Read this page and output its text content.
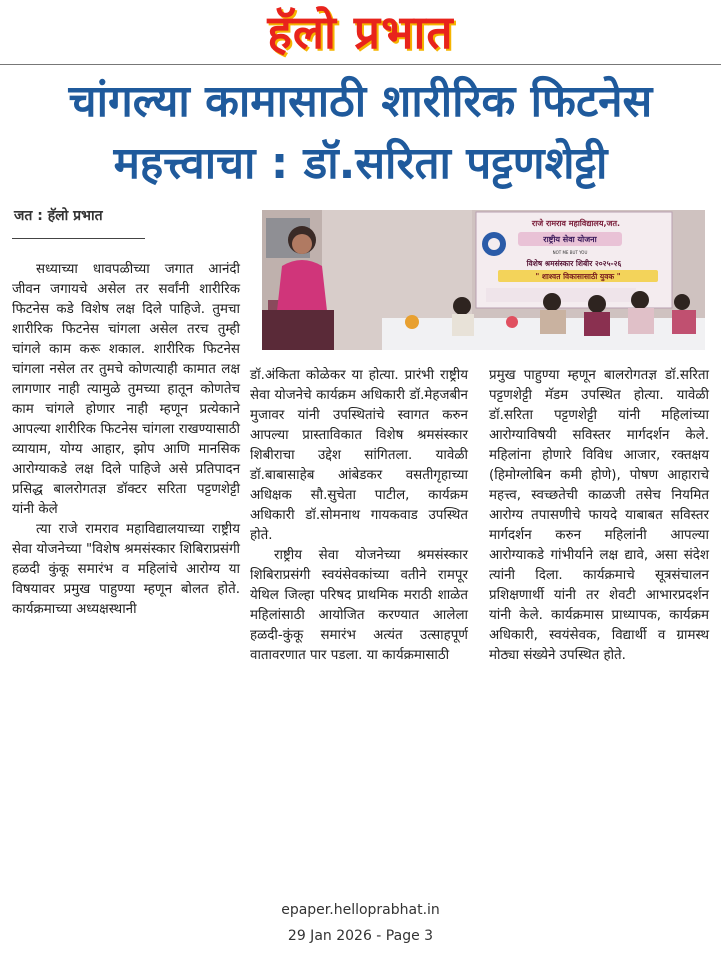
हॅलो प्रभात
चांगल्या कामासाठी शारीरिक फिटनेस
महत्त्वाचा : डॉ.सरिता पट्टणशेट्टी
जत : हॅलो प्रभात	राजे रामराव महाविद्यालय,जत.
राष्ट्रीय सेवा योजना
NOT ME BUT YOU
विशेष श्रमसंस्कार शिबीर २०२५-२६
" शाश्वत विकासासाठी युवक "

सध्याच्या धावपळीच्या जगात आनंदी जीवन जगायचे असेल तर सर्वांनी शारीरिक फिटनेस कडे विशेष लक्ष दिले पाहिजे. तुमचा शारीरिक फिटनेस चांगला असेल तरच तुम्ही चांगले काम करू शकाल. शारीरिक फिटनेस चांगला नसेल तर तुमचे कोणत्याही कामात लक्ष लागणार नाही त्यामुळे तुमच्या हातून कोणतेच काम चांगले होणार नाही म्हणून प्रत्येकाने आपल्या शारीरिक फिटनेस चांगला राखण्यासाठी व्यायाम, योग्य आहार, झोप आणि मानसिक आरोग्याकडे लक्ष दिले पाहिजे असे प्रतिपादन प्रसिद्ध बालरोगतज्ञ डॉक्टर सरिता पट्टणशेट्टी यांनी केले

त्या राजे रामराव महाविद्यालयाच्या राष्ट्रीय सेवा योजनेच्या "विशेष श्रमसंस्कार शिबिराप्रसंगी हळदी कुंकू समारंभ व महिलांचे आरोग्य या विषयावर प्रमुख पाहुण्या म्हणून बोलत होते. कार्यक्रमाच्या अध्यक्षस्थानी

डॉ.अंकिता कोळेकर या होत्या. प्रारंभी राष्ट्रीय सेवा योजनेचे कार्यक्रम अधिकारी डॉ.मेहजबीन मुजावर यांनी उपस्थितांचे स्वागत करुन आपल्या प्रास्ताविकात विशेष श्रमसंस्कार शिबीराचा उद्देश सांगितला. यावेळी डॉ.बाबासाहेब आंबेडकर वसतीगृहाच्या अधिक्षक सौ.सुचेता पाटील, कार्यक्रम अधिकारी डॉ.सोमनाथ गायकवाड उपस्थित होते.

राष्ट्रीय सेवा योजनेच्या श्रमसंस्कार शिबिराप्रसंगी स्वयंसेवकांच्या वतीने रामपूर येथिल जिल्हा परिषद प्राथमिक मराठी शाळेत महिलांसाठी आयोजित करण्यात आलेला हळदी-कुंकू समारंभ अत्यंत उत्साहपूर्ण वातावरणात पार पडला. या कार्यक्रमासाठी

प्रमुख पाहुण्या म्हणून बालरोगतज्ञ डॉ.सरिता पट्टणशेट्टी मॅडम उपस्थित होत्या. यावेळी डॉ.सरिता पट्टणशेट्टी यांनी महिलांच्या आरोग्याविषयी सविस्तर मार्गदर्शन केले. महिलांना होणारे विविध आजार, रक्तक्षय (हिमोग्लोबिन कमी होणे), पोषण आहाराचे महत्त्व, स्वच्छतेची काळजी तसेच नियमित आरोग्य तपासणीचे फायदे याबाबत सविस्तर मार्गदर्शन करुन महिलांनी आपल्या आरोग्याकडे गांभीर्याने लक्ष द्यावे, असा संदेश त्यांनी दिला. कार्यक्रमाचे सूत्रसंचालन प्रशिक्षणार्थी यांनी तर शेवटी आभारप्रदर्शन यांनी केले. कार्यक्रमास प्राध्यापक, कार्यक्रम अधिकारी, स्वयंसेवक, विद्यार्थी व ग्रामस्थ मोठ्या संख्येने उपस्थित होते.

epaper.helloprabhat.in
29 Jan 2026 - Page 3
